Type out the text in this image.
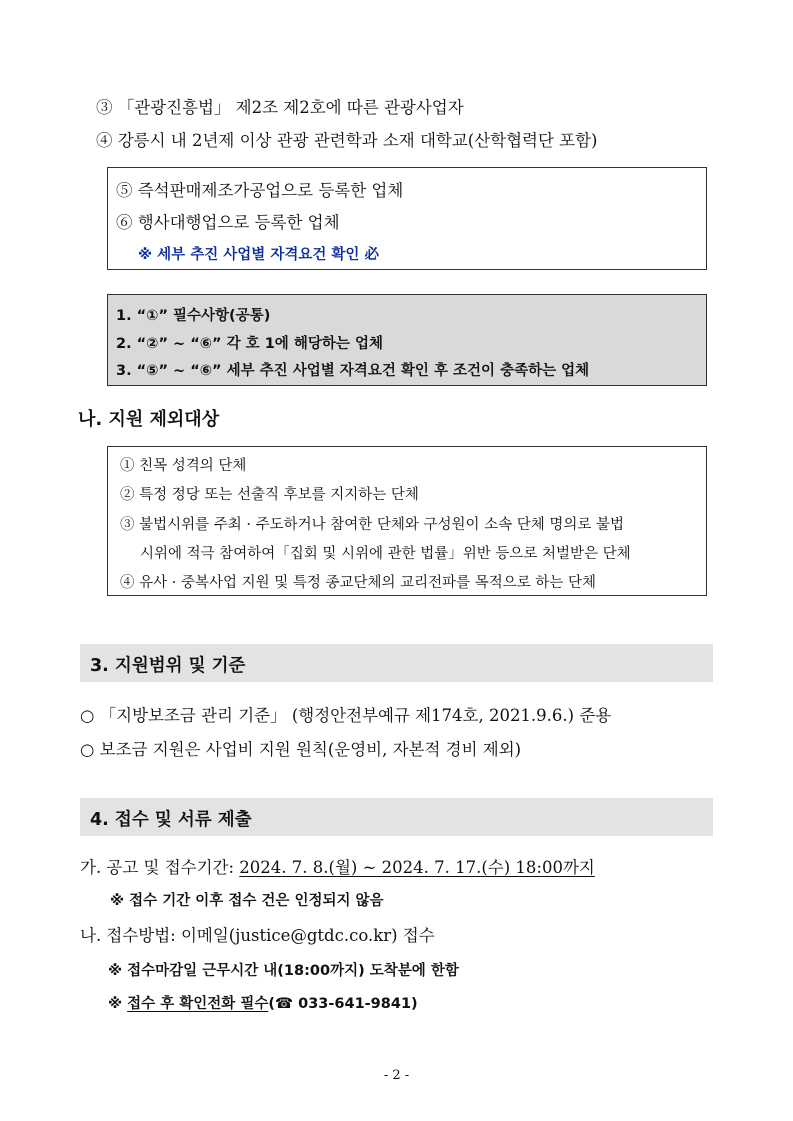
③ 「관광진흥법」 제2조 제2호에 따른 관광사업자
④ 강릉시 내 2년제 이상 관광 관련학과 소재 대학교(산학협력단 포함)
⑤ 즉석판매제조가공업으로 등록한 업체
⑥ 행사대행업으로 등록한 업체
※ 세부 추진 사업별 자격요건 확인 必
1. “①” 필수사항(공통)
2. “②” ~ “⑥” 각 호 1에 해당하는 업체
3. “⑤” ~ “⑥” 세부 추진 사업별 자격요건 확인 후 조건이 충족하는 업체
나. 지원 제외대상
① 친목 성격의 단체
② 특정 정당 또는 선출직 후보를 지지하는 단체
③ 불법시위를 주최 · 주도하거나 참여한 단체와 구성원이 소속 단체 명의로 불법
시위에 적극 참여하여「집회 및 시위에 관한 법률」위반 등으로 처벌받은 단체
④ 유사 · 중복사업 지원 및 특정 종교단체의 교리전파를 목적으로 하는 단체
3. 지원범위 및 기준
○ 「지방보조금 관리 기준」 (행정안전부예규 제174호, 2021.9.6.) 준용
○ 보조금 지원은 사업비 지원 원칙(운영비, 자본적 경비 제외)
4. 접수 및 서류 제출
가. 공고 및 접수기간: 2024. 7. 8.(월) ~ 2024. 7. 17.(수) 18:00까지
※ 접수 기간 이후 접수 건은 인정되지 않음
나. 접수방법: 이메일(justice@gtdc.co.kr) 접수
※ 접수마감일 근무시간 내(18:00까지) 도착분에 한함
※ 접수 후 확인전화 필수(☎ 033-641-9841)
- 2 -
